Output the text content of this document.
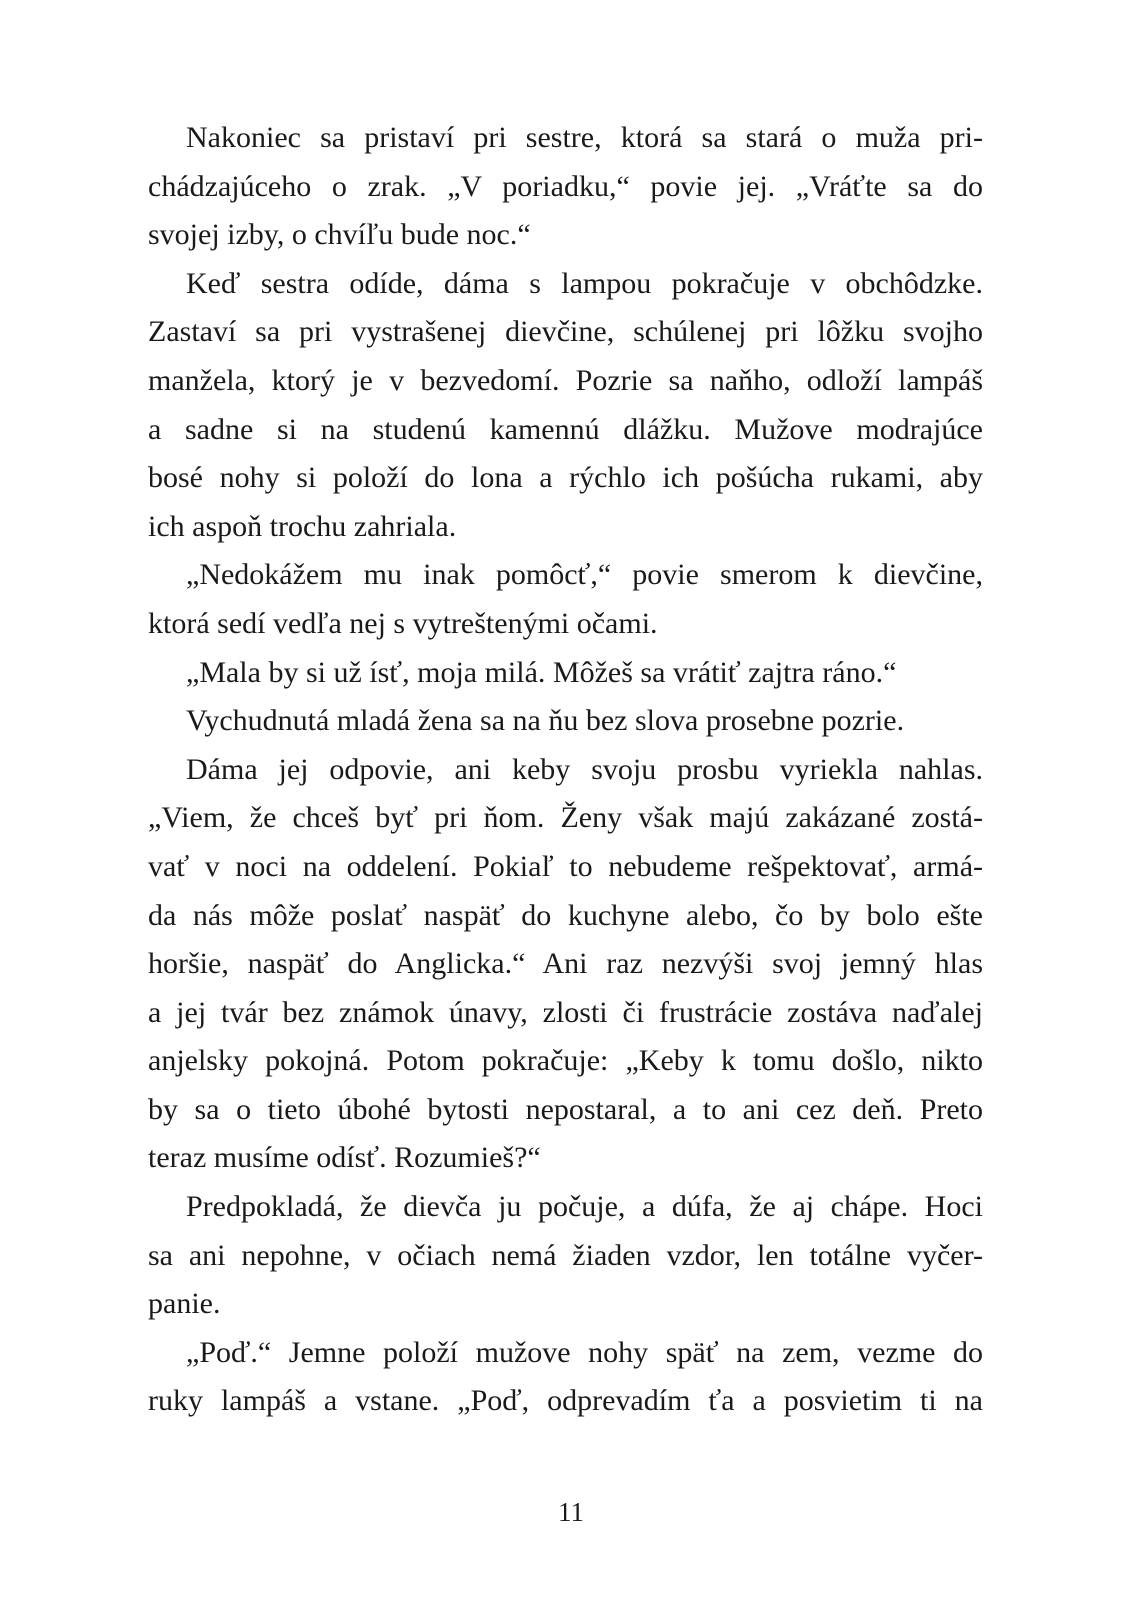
Nakoniec sa pristaví pri sestre, ktorá sa stará o muža pri-
chádzajúceho o zrak. „V poriadku,“ povie jej. „Vráťte sa do
svojej izby, o chvíľu bude noc.“
Keď sestra odíde, dáma s lampou pokračuje v obchôdzke.
Zastaví sa pri vystrašenej dievčine, schúlenej pri lôžku svojho
manžela, ktorý je v bezvedomí. Pozrie sa naňho, odloží lampáš
a sadne si na studenú kamennú dlážku. Mužove modrajúce
bosé nohy si položí do lona a rýchlo ich pošúcha rukami, aby
ich aspoň trochu zahriala.
„Nedokážem mu inak pomôcť,“ povie smerom k dievčine,
ktorá sedí vedľa nej s vytreštenými očami.
„Mala by si už ísť, moja milá. Môžeš sa vrátiť zajtra ráno.“
Vychudnutá mladá žena sa na ňu bez slova prosebne pozrie.
Dáma jej odpovie, ani keby svoju prosbu vyriekla nahlas.
„Viem, že chceš byť pri ňom. Ženy však majú zakázané zostá-
vať v noci na oddelení. Pokiaľ to nebudeme rešpektovať, armá-
da nás môže poslať naspäť do kuchyne alebo, čo by bolo ešte
horšie, naspäť do Anglicka.“ Ani raz nezvýši svoj jemný hlas
a jej tvár bez známok únavy, zlosti či frustrácie zostáva naďalej
anjelsky pokojná. Potom pokračuje: „Keby k tomu došlo, nikto
by sa o tieto úbohé bytosti nepostaral, a to ani cez deň. Preto
teraz musíme odísť. Rozumieš?“
Predpokladá, že dievča ju počuje, a dúfa, že aj chápe. Hoci
sa ani nepohne, v očiach nemá žiaden vzdor, len totálne vyčer-
panie.
„Poď.“ Jemne položí mužove nohy späť na zem, vezme do
ruky lampáš a vstane. „Poď, odprevadím ťa a posvietim ti na
11
